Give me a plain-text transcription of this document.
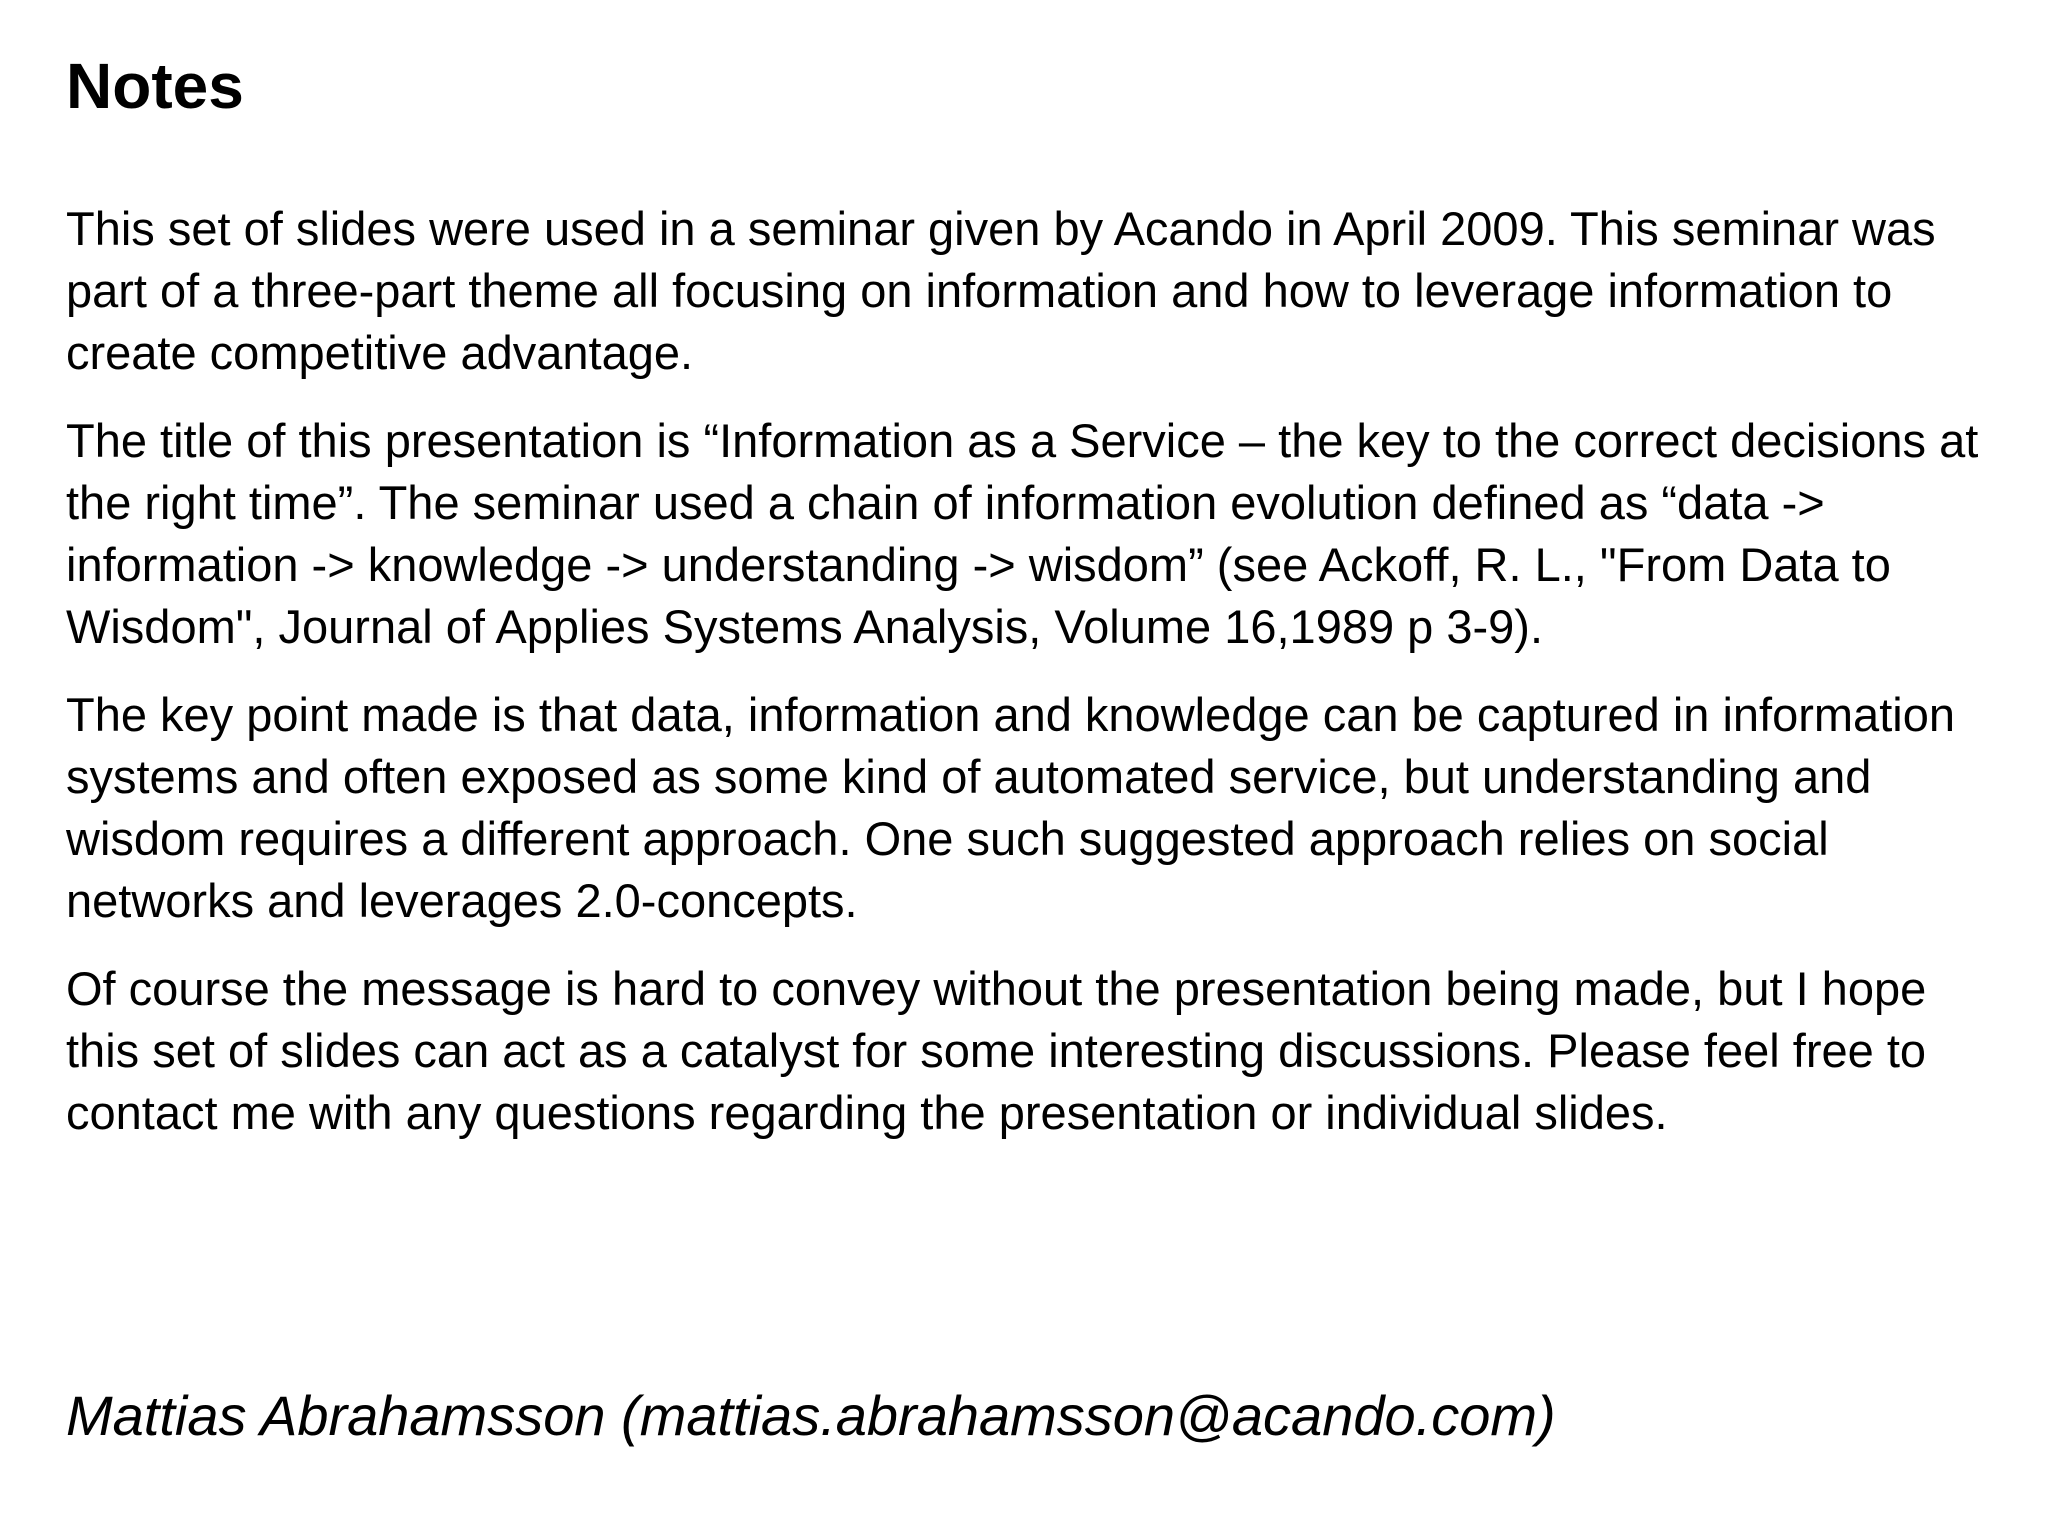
Notes

This set of slides were used in a seminar given by Acando in April 2009. This seminar was part of a three-part theme all focusing on information and how to leverage information to create competitive advantage.

The title of this presentation is “Information as a Service – the key to the correct decisions at the right time”. The seminar used a chain of information evolution defined as “data -> information -> knowledge -> understanding -> wisdom” (see Ackoff, R. L., "From Data to Wisdom", Journal of Applies Systems Analysis, Volume 16,1989 p 3-9).

The key point made is that data, information and knowledge can be captured in information systems and often exposed as some kind of automated service, but understanding and wisdom requires a different approach. One such suggested approach relies on social networks and leverages 2.0-concepts.

Of course the message is hard to convey without the presentation being made, but I hope this set of slides can act as a catalyst for some interesting discussions. Please feel free to contact me with any questions regarding the presentation or individual slides.

Mattias Abrahamsson (mattias.abrahamsson@acando.com)
